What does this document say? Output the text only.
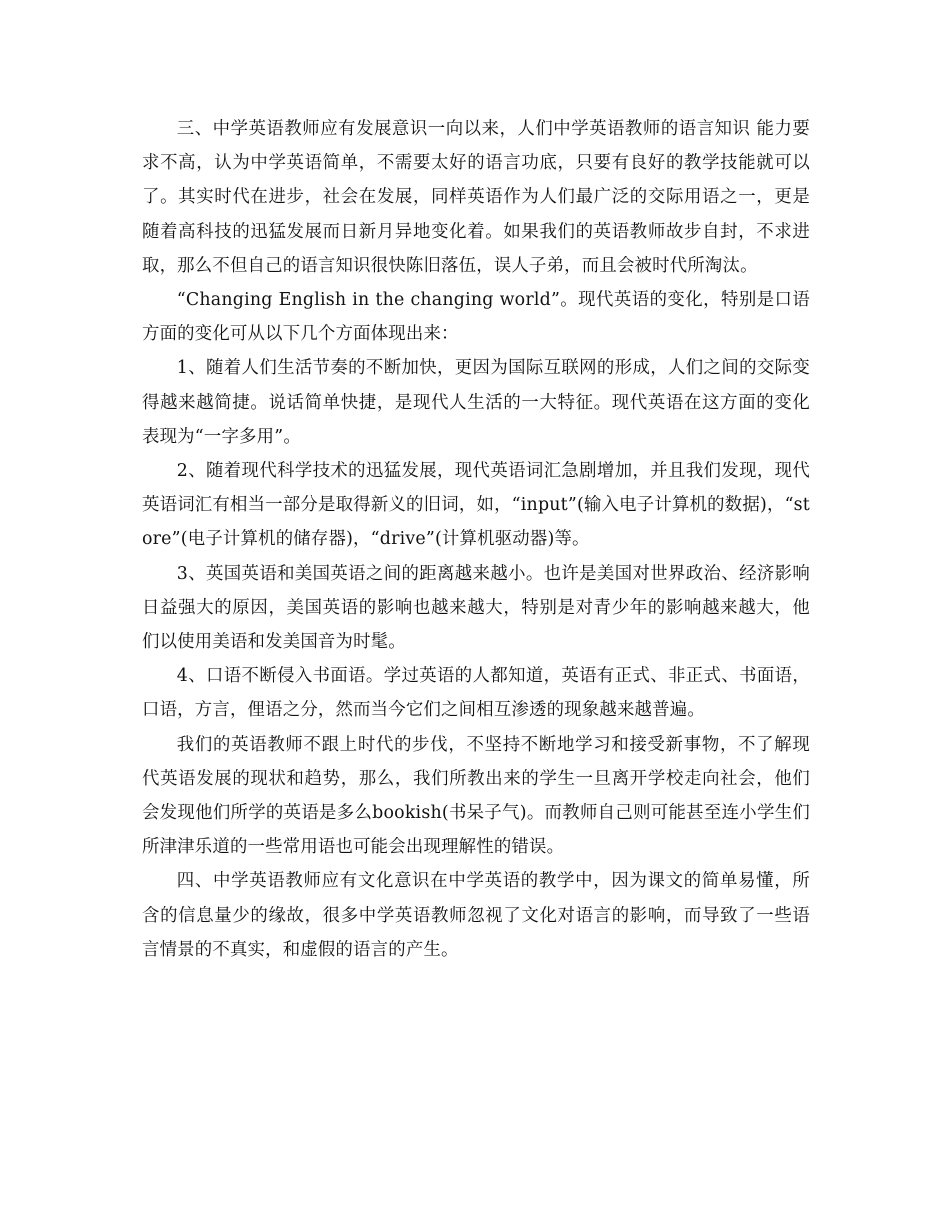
三、中学英语教师应有发展意识一向以来，人们中学英语教师的语言知识 能力要求不高，认为中学英语简单，不需要太好的语言功底，只要有良好的教学技能就可以了。其实时代在进步，社会在发展，同样英语作为人们最广泛的交际用语之一，更是随着高科技的迅猛发展而日新月异地变化着。如果我们的英语教师故步自封，不求进取，那么不但自己的语言知识很快陈旧落伍，误人子弟，而且会被时代所淘汰。

“Changing English in the changing world”。现代英语的变化，特别是口语方面的变化可从以下几个方面体现出来：

1、随着人们生活节奏的不断加快，更因为国际互联网的形成，人们之间的交际变得越来越简捷。说话简单快捷，是现代人生活的一大特征。现代英语在这方面的变化表现为“一字多用”。

2、随着现代科学技术的迅猛发展，现代英语词汇急剧增加，并且我们发现，现代英语词汇有相当一部分是取得新义的旧词，如，“input”(输入电子计算机的数据)，“store”(电子计算机的储存器)，“drive”(计算机驱动器)等。

3、英国英语和美国英语之间的距离越来越小。也许是美国对世界政治、经济影响日益强大的原因，美国英语的影响也越来越大，特别是对青少年的影响越来越大，他们以使用美语和发美国音为时髦。

4、口语不断侵入书面语。学过英语的人都知道，英语有正式、非正式、书面语，口语，方言，俚语之分，然而当今它们之间相互渗透的现象越来越普遍。

我们的英语教师不跟上时代的步伐，不坚持不断地学习和接受新事物，不了解现代英语发展的现状和趋势，那么，我们所教出来的学生一旦离开学校走向社会，他们会发现他们所学的英语是多么bookish(书呆子气)。而教师自己则可能甚至连小学生们所津津乐道的一些常用语也可能会出现理解性的错误。

四、中学英语教师应有文化意识在中学英语的教学中，因为课文的简单易懂，所含的信息量少的缘故，很多中学英语教师忽视了文化对语言的影响，而导致了一些语言情景的不真实，和虚假的语言的产生。
